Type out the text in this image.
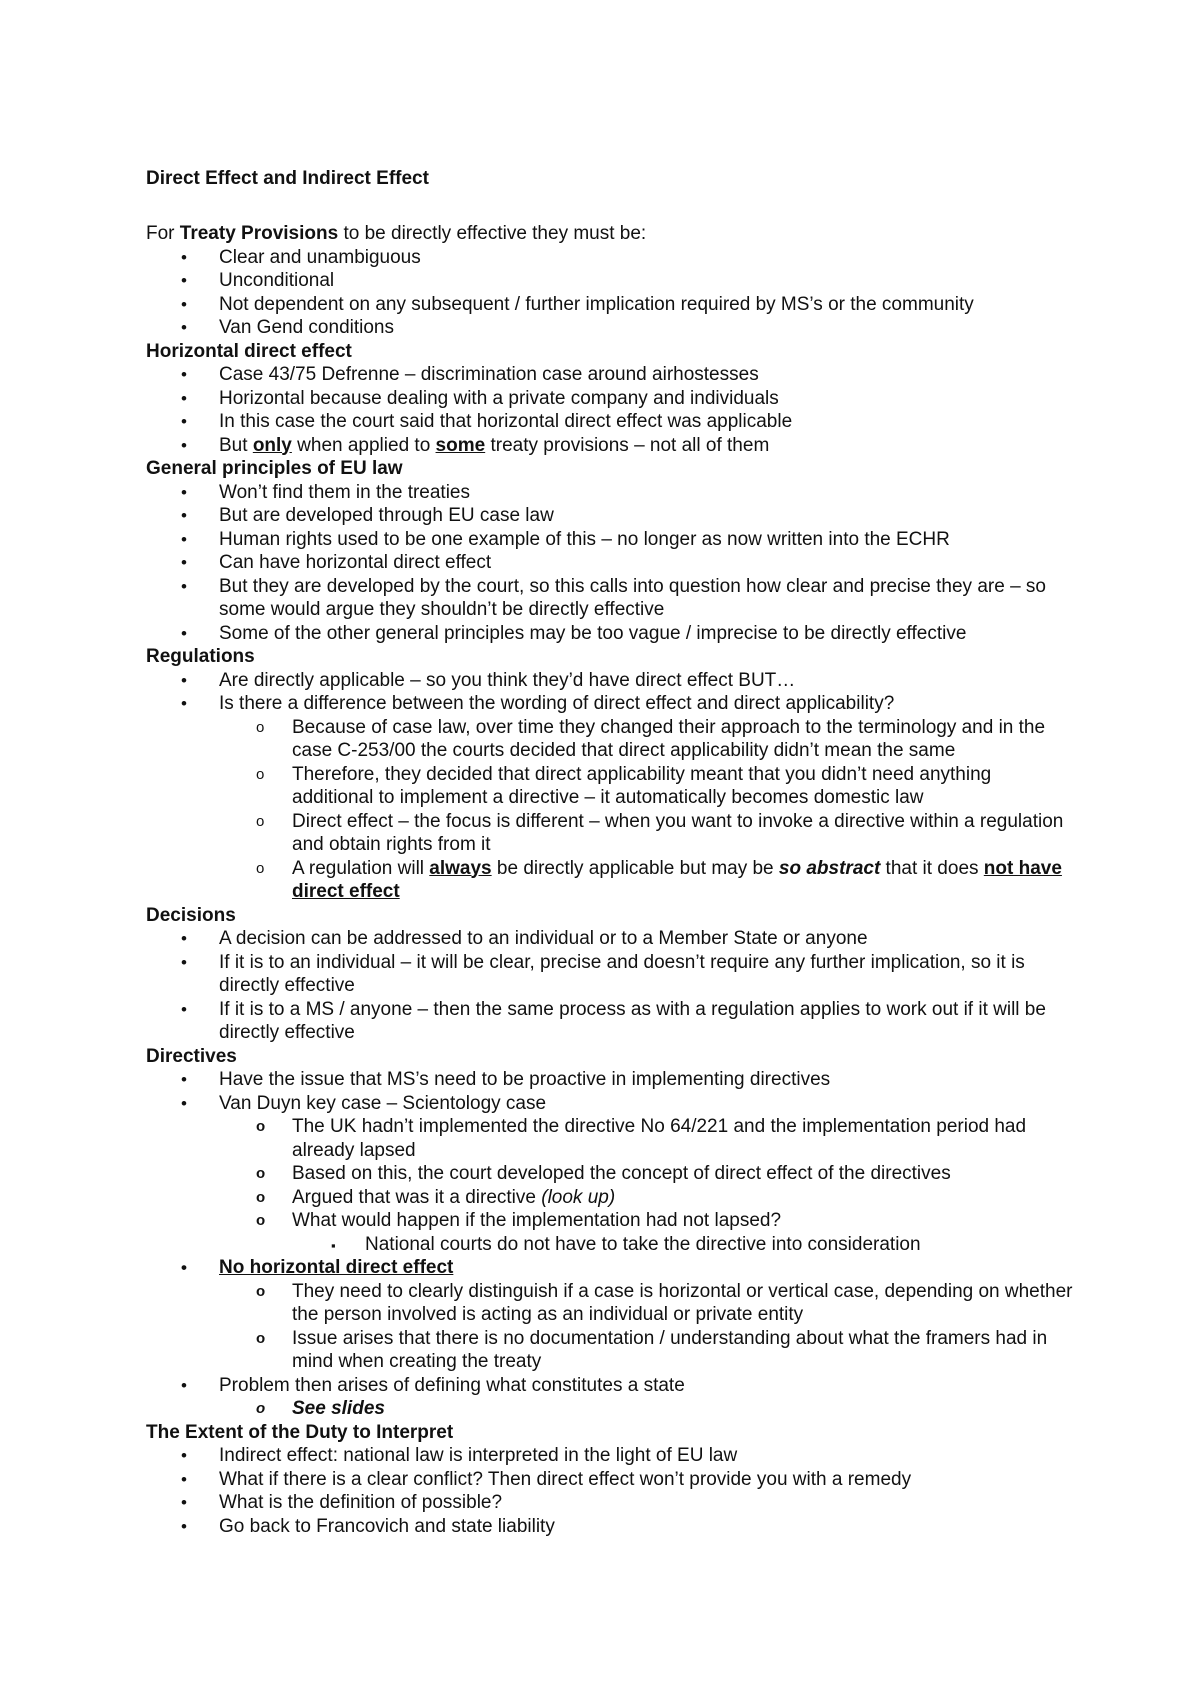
Direct Effect and Indirect Effect
For Treaty Provisions to be directly effective they must be:
• Clear and unambiguous
• Unconditional
• Not dependent on any subsequent / further implication required by MS’s or the community
• Van Gend conditions
Horizontal direct effect
• Case 43/75 Defrenne – discrimination case around airhostesses
• Horizontal because dealing with a private company and individuals
• In this case the court said that horizontal direct effect was applicable
• But only when applied to some treaty provisions – not all of them
General principles of EU law
• Won’t find them in the treaties
• But are developed through EU case law
• Human rights used to be one example of this – no longer as now written into the ECHR
• Can have horizontal direct effect
• But they are developed by the court, so this calls into question how clear and precise they are – so some would argue they shouldn’t be directly effective
• Some of the other general principles may be too vague / imprecise to be directly effective
Regulations
• Are directly applicable – so you think they’d have direct effect BUT…
• Is there a difference between the wording of direct effect and direct applicability?
o Because of case law, over time they changed their approach to the terminology and in the case C-253/00 the courts decided that direct applicability didn’t mean the same
o Therefore, they decided that direct applicability meant that you didn’t need anything additional to implement a directive – it automatically becomes domestic law
o Direct effect – the focus is different – when you want to invoke a directive within a regulation and obtain rights from it
o A regulation will always be directly applicable but may be so abstract that it does not have direct effect
Decisions
• A decision can be addressed to an individual or to a Member State or anyone
• If it is to an individual – it will be clear, precise and doesn’t require any further implication, so it is directly effective
• If it is to a MS / anyone – then the same process as with a regulation applies to work out if it will be directly effective
Directives
• Have the issue that MS’s need to be proactive in implementing directives
• Van Duyn key case – Scientology case
o The UK hadn’t implemented the directive No 64/221 and the implementation period had already lapsed
o Based on this, the court developed the concept of direct effect of the directives
o Argued that was it a directive (look up)
o What would happen if the implementation had not lapsed?
▪ National courts do not have to take the directive into consideration
• No horizontal direct effect
o They need to clearly distinguish if a case is horizontal or vertical case, depending on whether the person involved is acting as an individual or private entity
o Issue arises that there is no documentation / understanding about what the framers had in mind when creating the treaty
• Problem then arises of defining what constitutes a state
o See slides
The Extent of the Duty to Interpret
• Indirect effect: national law is interpreted in the light of EU law
• What if there is a clear conflict? Then direct effect won’t provide you with a remedy
• What is the definition of possible?
• Go back to Francovich and state liability
